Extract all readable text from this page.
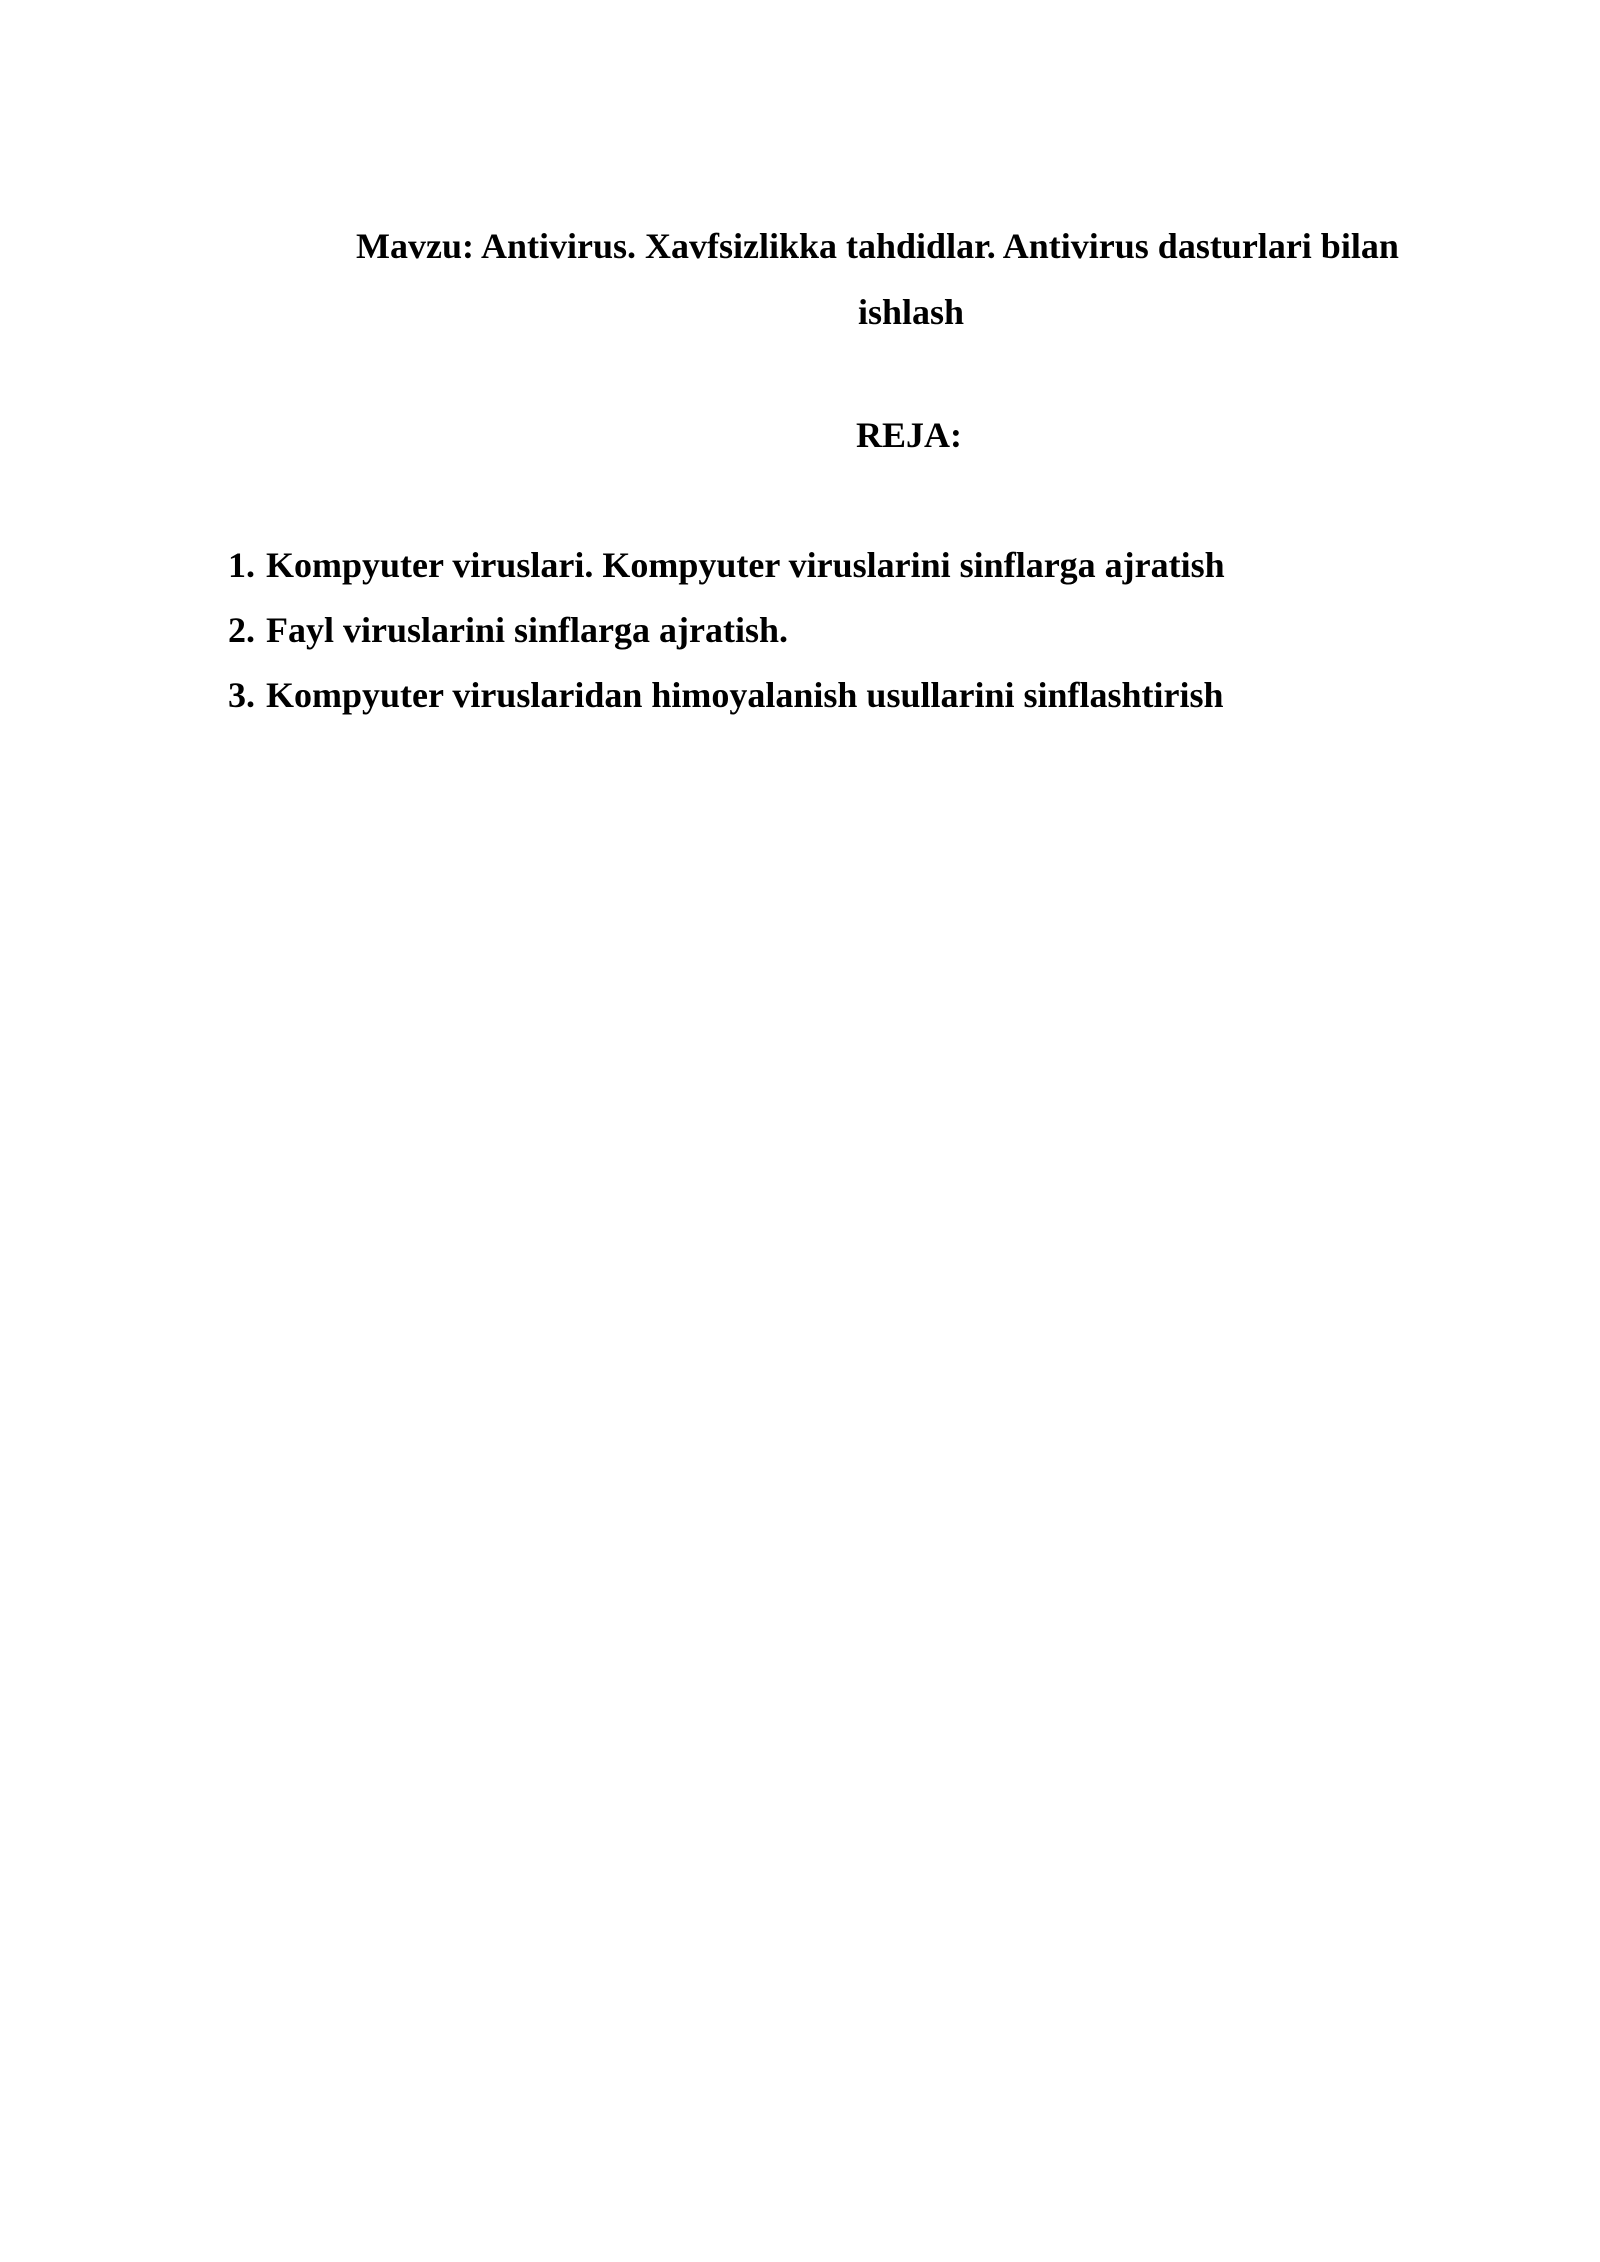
Mavzu: Antivirus. Xavfsizlikka tahdidlar. Antivirus dasturlari bilan
ishlash
REJA:
1. Kompyuter viruslari. Kompyuter viruslarini sinflarga ajratish
2. Fayl viruslarini sinflarga ajratish.
3. Kompyuter viruslaridan himoyalanish usullarini sinflashtirish
